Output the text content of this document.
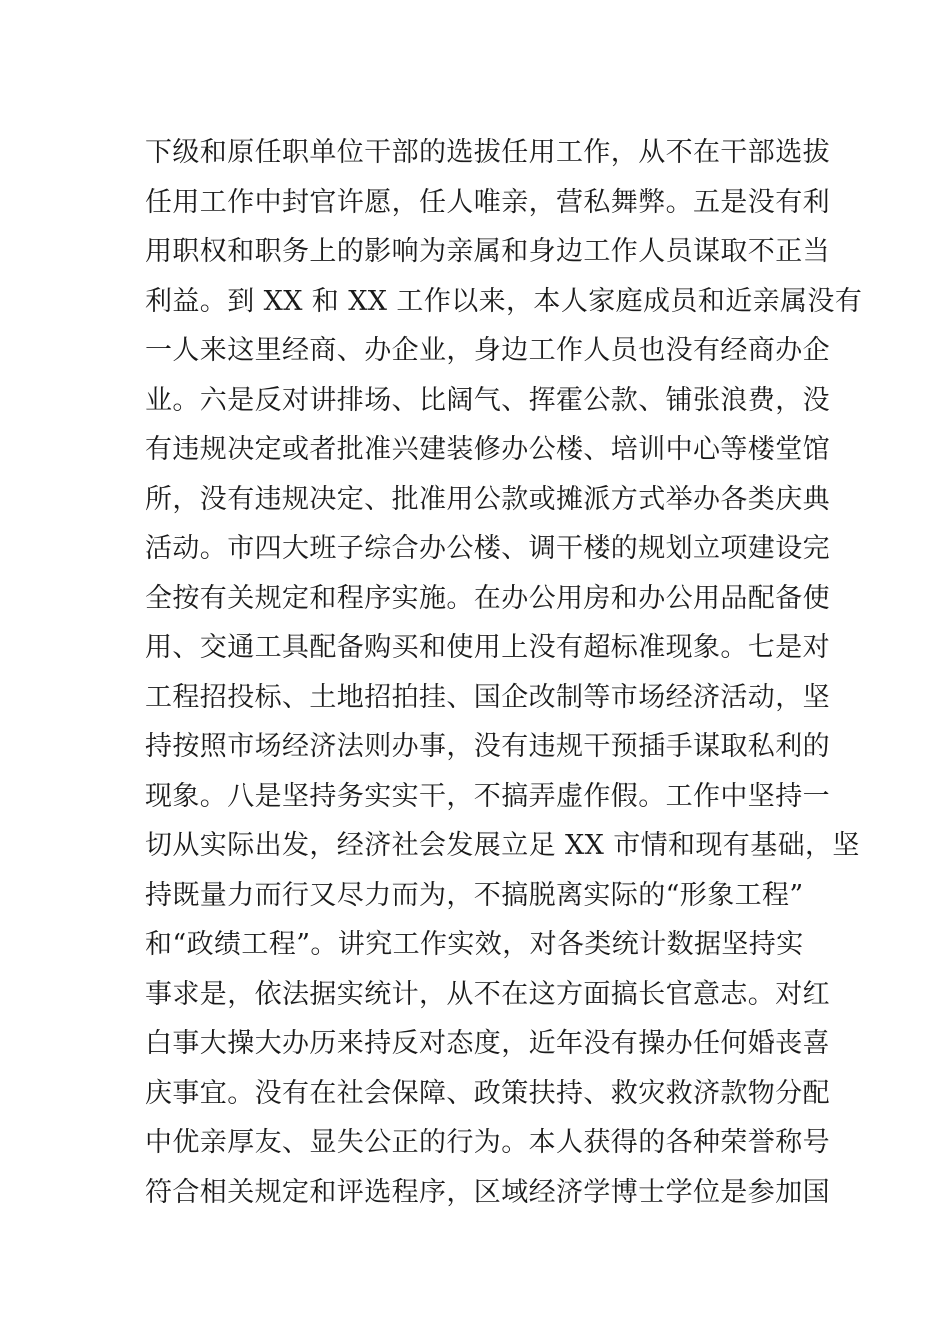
下级和原任职单位干部的选拔任用工作，从不在干部选拔
任用工作中封官许愿，任人唯亲，营私舞弊。五是没有利
用职权和职务上的影响为亲属和身边工作人员谋取不正当
利益。到 XX 和 XX 工作以来，本人家庭成员和近亲属没有
一人来这里经商、办企业，身边工作人员也没有经商办企
业。六是反对讲排场、比阔气、挥霍公款、铺张浪费，没
有违规决定或者批准兴建装修办公楼、培训中心等楼堂馆
所，没有违规决定、批准用公款或摊派方式举办各类庆典
活动。市四大班子综合办公楼、调干楼的规划立项建设完
全按有关规定和程序实施。在办公用房和办公用品配备使
用、交通工具配备购买和使用上没有超标准现象。七是对
工程招投标、土地招拍挂、国企改制等市场经济活动，坚
持按照市场经济法则办事，没有违规干预插手谋取私利的
现象。八是坚持务实实干，不搞弄虚作假。工作中坚持一
切从实际出发，经济社会发展立足 XX 市情和现有基础，坚
持既量力而行又尽力而为，不搞脱离实际的“形象工程”
和“政绩工程”。讲究工作实效，对各类统计数据坚持实
事求是，依法据实统计，从不在这方面搞长官意志。对红
白事大操大办历来持反对态度，近年没有操办任何婚丧喜
庆事宜。没有在社会保障、政策扶持、救灾救济款物分配
中优亲厚友、显失公正的行为。本人获得的各种荣誉称号
符合相关规定和评选程序，区域经济学博士学位是参加国
